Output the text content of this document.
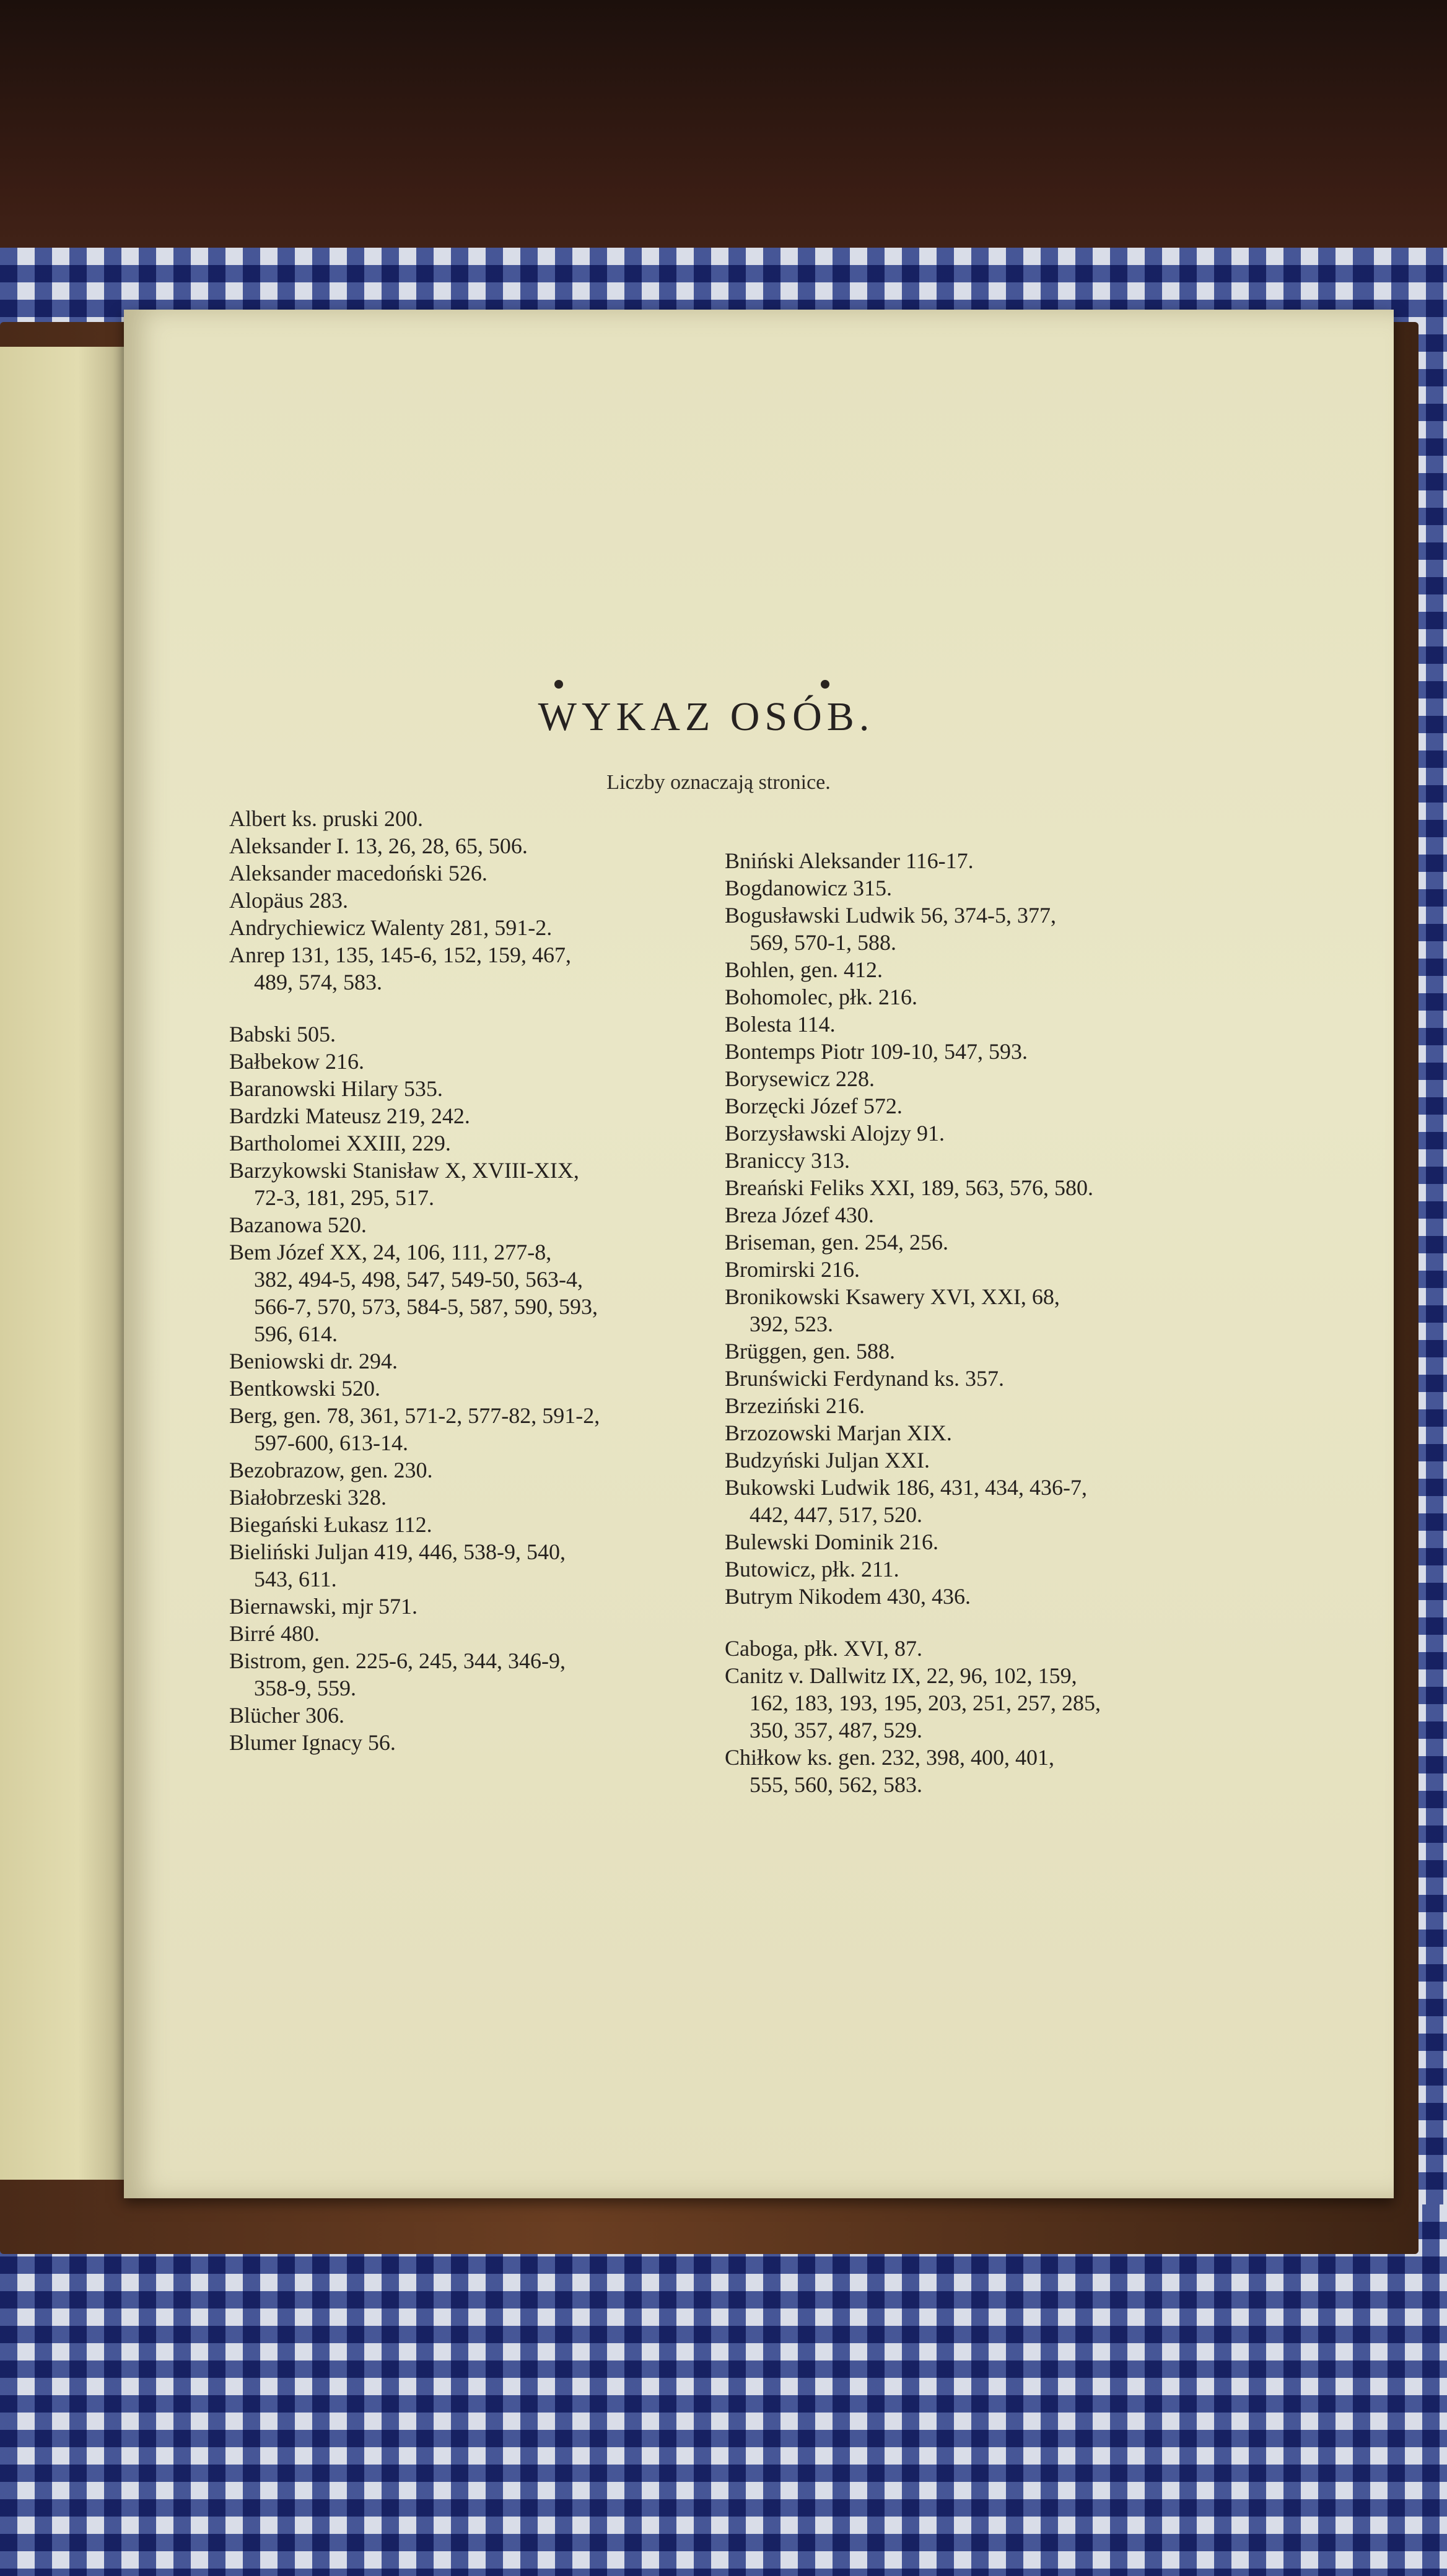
WYKAZ OSÓB.
Liczby oznaczają stronice.
Albert ks. pruski 200.
Aleksander I. 13, 26, 28, 65, 506.
Aleksander macedoński 526.
Alopäus 283.
Andrychiewicz Walenty 281, 591-2.
Anrep 131, 135, 145-6, 152, 159, 467,
489, 574, 583.
Babski 505.
Bałbekow 216.
Baranowski Hilary 535.
Bardzki Mateusz 219, 242.
Bartholomei XXIII, 229.
Barzykowski Stanisław X, XVIII-XIX,
72-3, 181, 295, 517.
Bazanowa 520.
Bem Józef XX, 24, 106, 111, 277-8,
382, 494-5, 498, 547, 549-50, 563-4,
566-7, 570, 573, 584-5, 587, 590, 593,
596, 614.
Beniowski dr. 294.
Bentkowski 520.
Berg, gen. 78, 361, 571-2, 577-82, 591-2,
597-600, 613-14.
Bezobrazow, gen. 230.
Białobrzeski 328.
Biegański Łukasz 112.
Bieliński Juljan 419, 446, 538-9, 540,
543, 611.
Biernawski, mjr 571.
Birré 480.
Bistrom, gen. 225-6, 245, 344, 346-9,
358-9, 559.
Blücher 306.
Blumer Ignacy 56.
Bniński Aleksander 116-17.
Bogdanowicz 315.
Bogusławski Ludwik 56, 374-5, 377,
569, 570-1, 588.
Bohlen, gen. 412.
Bohomolec, płk. 216.
Bolesta 114.
Bontemps Piotr 109-10, 547, 593.
Borysewicz 228.
Borzęcki Józef 572.
Borzysławski Alojzy 91.
Braniccy 313.
Breański Feliks XXI, 189, 563, 576, 580.
Breza Józef 430.
Briseman, gen. 254, 256.
Bromirski 216.
Bronikowski Ksawery XVI, XXI, 68,
392, 523.
Brüggen, gen. 588.
Brunświcki Ferdynand ks. 357.
Brzeziński 216.
Brzozowski Marjan XIX.
Budzyński Juljan XXI.
Bukowski Ludwik 186, 431, 434, 436-7,
442, 447, 517, 520.
Bulewski Dominik 216.
Butowicz, płk. 211.
Butrym Nikodem 430, 436.
Caboga, płk. XVI, 87.
Canitz v. Dallwitz IX, 22, 96, 102, 159,
162, 183, 193, 195, 203, 251, 257, 285,
350, 357, 487, 529.
Chiłkow ks. gen. 232, 398, 400, 401,
555, 560, 562, 583.
